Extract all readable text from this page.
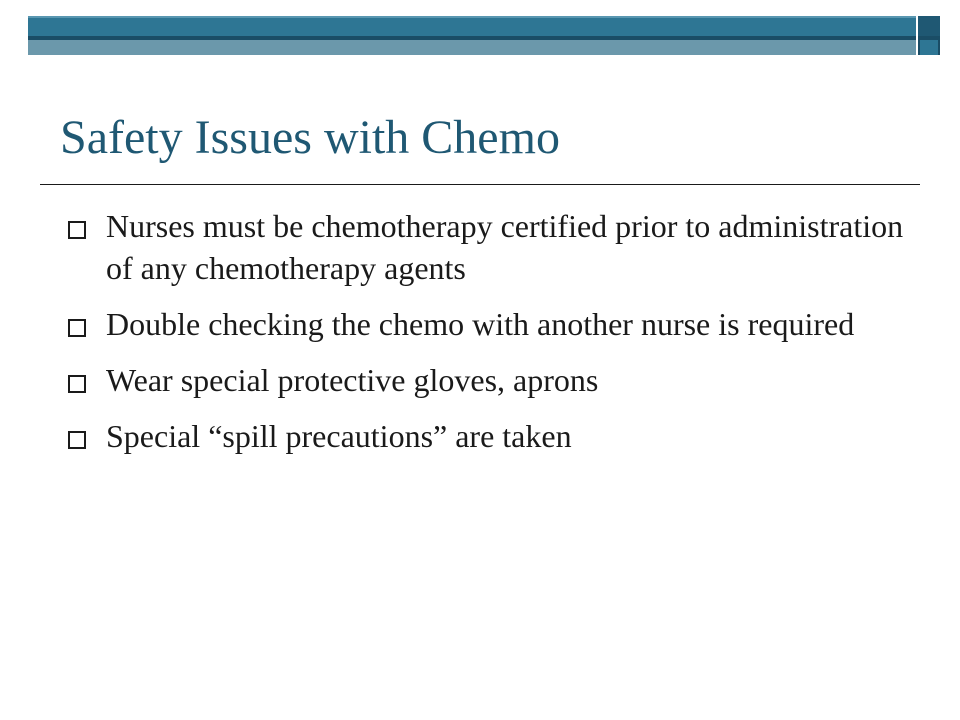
Safety Issues with Chemo
Nurses must be chemotherapy certified prior to administration of any chemotherapy agents
Double checking the chemo with another nurse is required
Wear special protective gloves, aprons
Special “spill precautions” are taken
